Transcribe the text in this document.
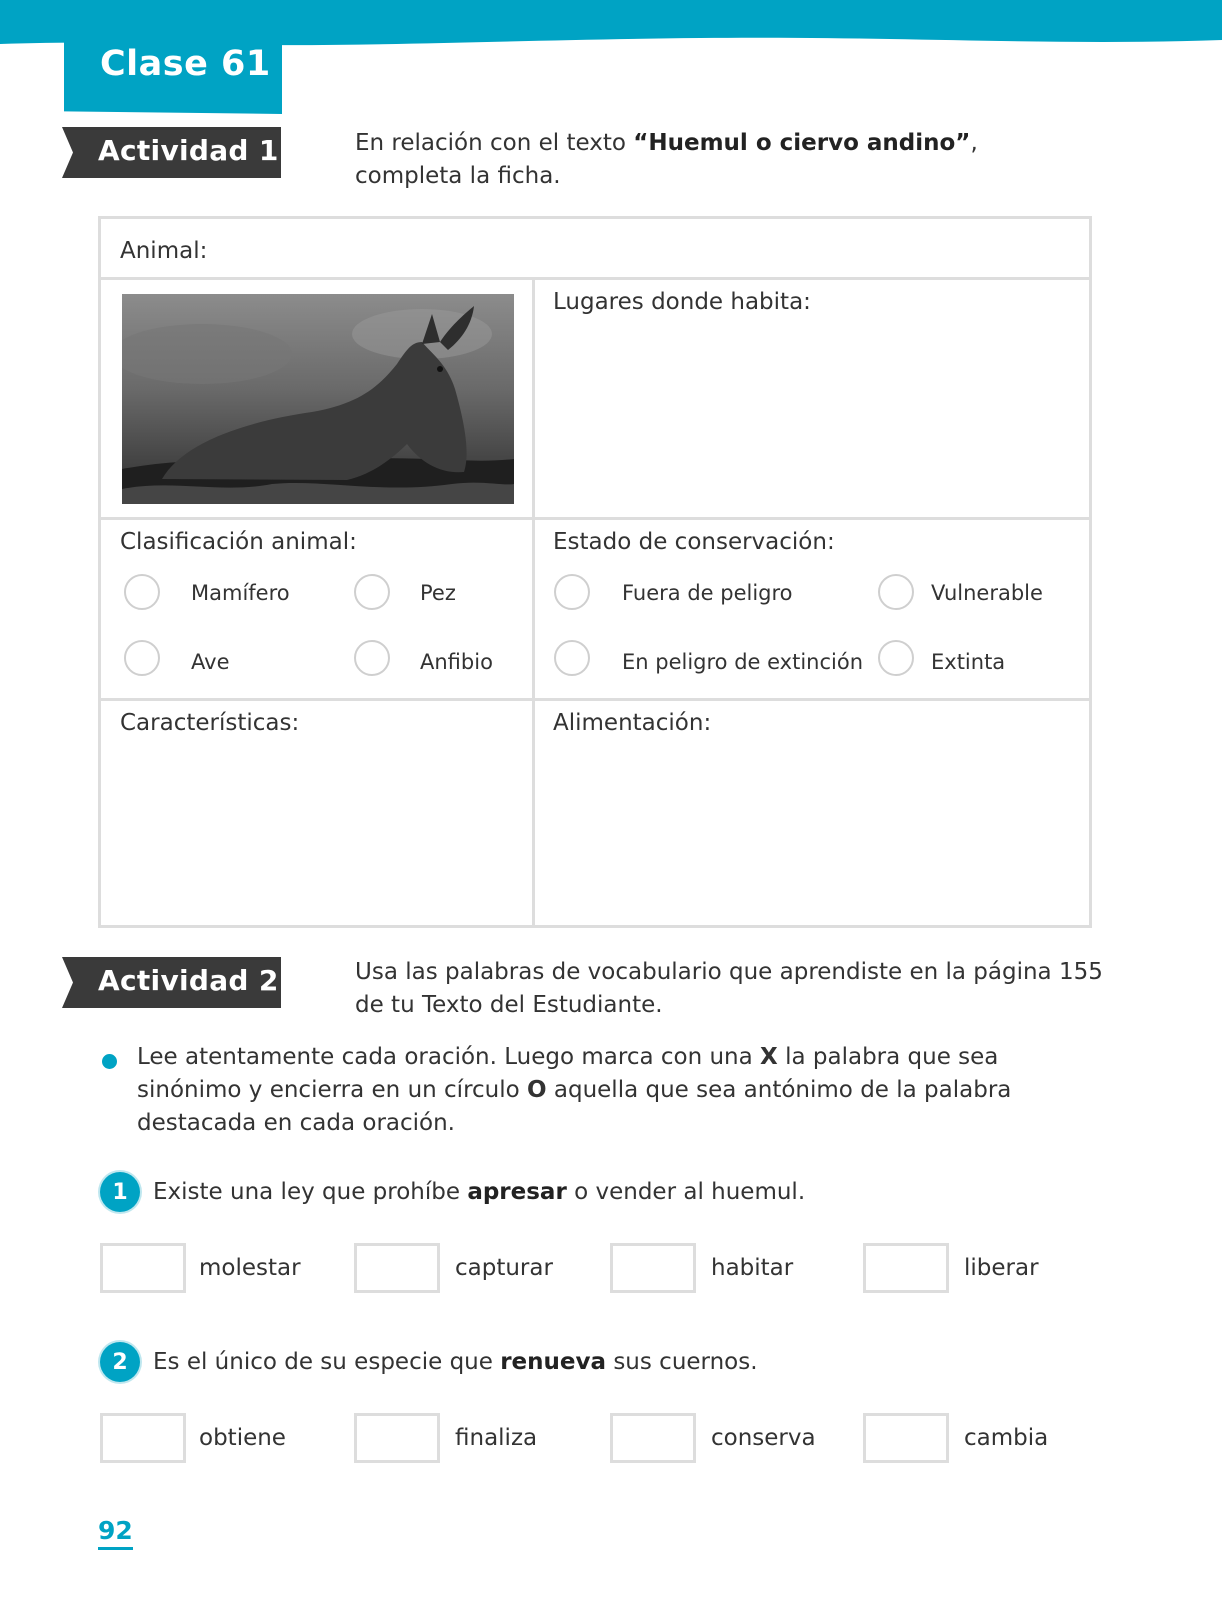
Clase 61

Actividad 1	En relación con el texto “Huemul o ciervo andino”,
completa la ficha.

Animal:

Lugares donde habita:

Clasificación animal:

Mamífero	Pez
Ave	Anfibio

Estado de conservación:

Fuera de peligro	Vulnerable
En peligro de extinción	Extinta

Características:	Alimentación:

Actividad 2	Usa las palabras de vocabulario que aprendiste en la página 155
de tu Texto del Estudiante.

Lee atentamente cada oración. Luego marca con una X la palabra que sea sinónimo y encierra en un círculo O aquella que sea antónimo de la palabra destacada en cada oración.

1	Existe una ley que prohíbe apresar o vender al huemul.

molestar	capturar	habitar	liberar
2	Es el único de su especie que renueva sus cuernos.

obtiene	finaliza	conserva	cambia

92
